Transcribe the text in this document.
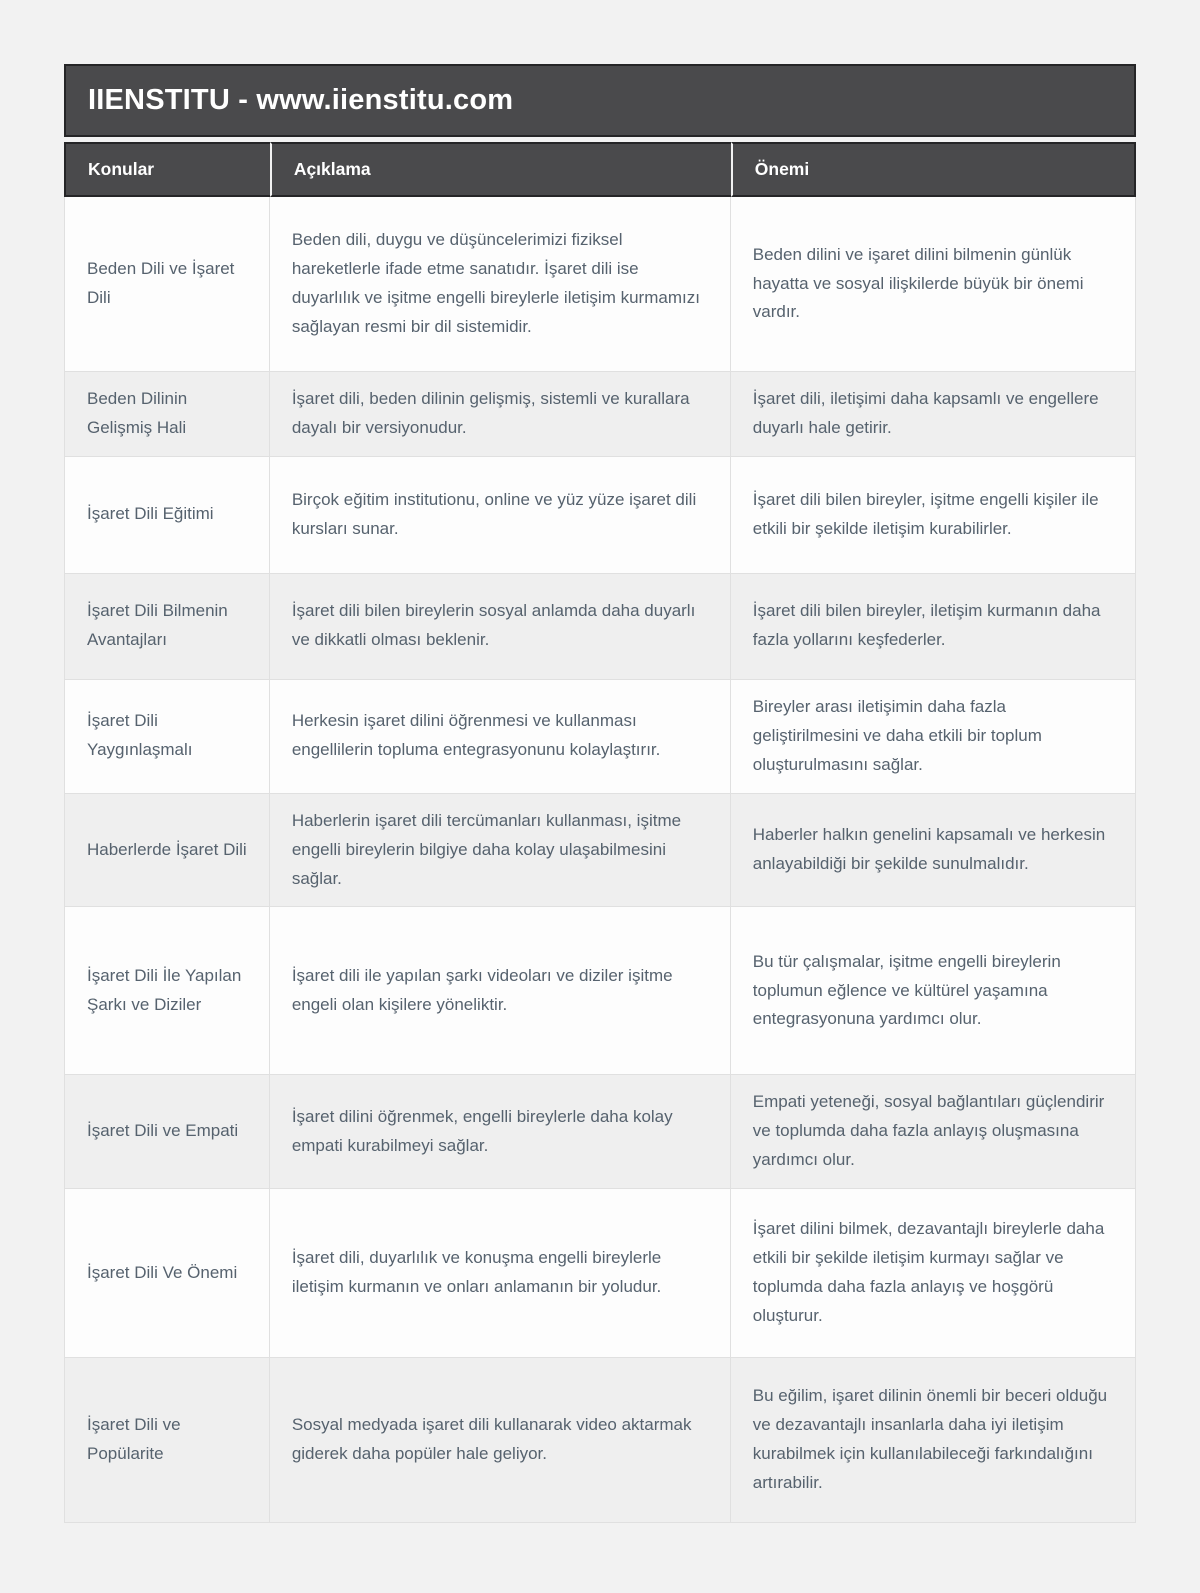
IIENSTITU - www.iienstitu.com
Konular	Açıklama	Önemi
Beden Dili ve İşaret Dili	Beden dili, duygu ve düşüncelerimizi fiziksel hareketlerle ifade etme sanatıdır. İşaret dili ise duyarlılık ve işitme engelli bireylerle iletişim kurmamızı sağlayan resmi bir dil sistemidir.	Beden dilini ve işaret dilini bilmenin günlük hayatta ve sosyal ilişkilerde büyük bir önemi vardır.
Beden Dilinin Gelişmiş Hali	İşaret dili, beden dilinin gelişmiş, sistemli ve kurallara dayalı bir versiyonudur.	İşaret dili, iletişimi daha kapsamlı ve engellere duyarlı hale getirir.
İşaret Dili Eğitimi	Birçok eğitim institutionu, online ve yüz yüze işaret dili kursları sunar.	İşaret dili bilen bireyler, işitme engelli kişiler ile etkili bir şekilde iletişim kurabilirler.
İşaret Dili Bilmenin Avantajları	İşaret dili bilen bireylerin sosyal anlamda daha duyarlı ve dikkatli olması beklenir.	İşaret dili bilen bireyler, iletişim kurmanın daha fazla yollarını keşfederler.
İşaret Dili Yaygınlaşmalı	Herkesin işaret dilini öğrenmesi ve kullanması engellilerin topluma entegrasyonunu kolaylaştırır.	Bireyler arası iletişimin daha fazla geliştirilmesini ve daha etkili bir toplum oluşturulmasını sağlar.
Haberlerde İşaret Dili	Haberlerin işaret dili tercümanları kullanması, işitme engelli bireylerin bilgiye daha kolay ulaşabilmesini sağlar.	Haberler halkın genelini kapsamalı ve herkesin anlayabildiği bir şekilde sunulmalıdır.
İşaret Dili İle Yapılan Şarkı ve Diziler	İşaret dili ile yapılan şarkı videoları ve diziler işitme engeli olan kişilere yöneliktir.	Bu tür çalışmalar, işitme engelli bireylerin toplumun eğlence ve kültürel yaşamına entegrasyonuna yardımcı olur.
İşaret Dili ve Empati	İşaret dilini öğrenmek, engelli bireylerle daha kolay empati kurabilmeyi sağlar.	Empati yeteneği, sosyal bağlantıları güçlendirir ve toplumda daha fazla anlayış oluşmasına yardımcı olur.
İşaret Dili Ve Önemi	İşaret dili, duyarlılık ve konuşma engelli bireylerle iletişim kurmanın ve onları anlamanın bir yoludur.	İşaret dilini bilmek, dezavantajlı bireylerle daha etkili bir şekilde iletişim kurmayı sağlar ve toplumda daha fazla anlayış ve hoşgörü oluşturur.
İşaret Dili ve Popülarite	Sosyal medyada işaret dili kullanarak video aktarmak giderek daha popüler hale geliyor.	Bu eğilim, işaret dilinin önemli bir beceri olduğu ve dezavantajlı insanlarla daha iyi iletişim kurabilmek için kullanılabileceği farkındalığını artırabilir.
